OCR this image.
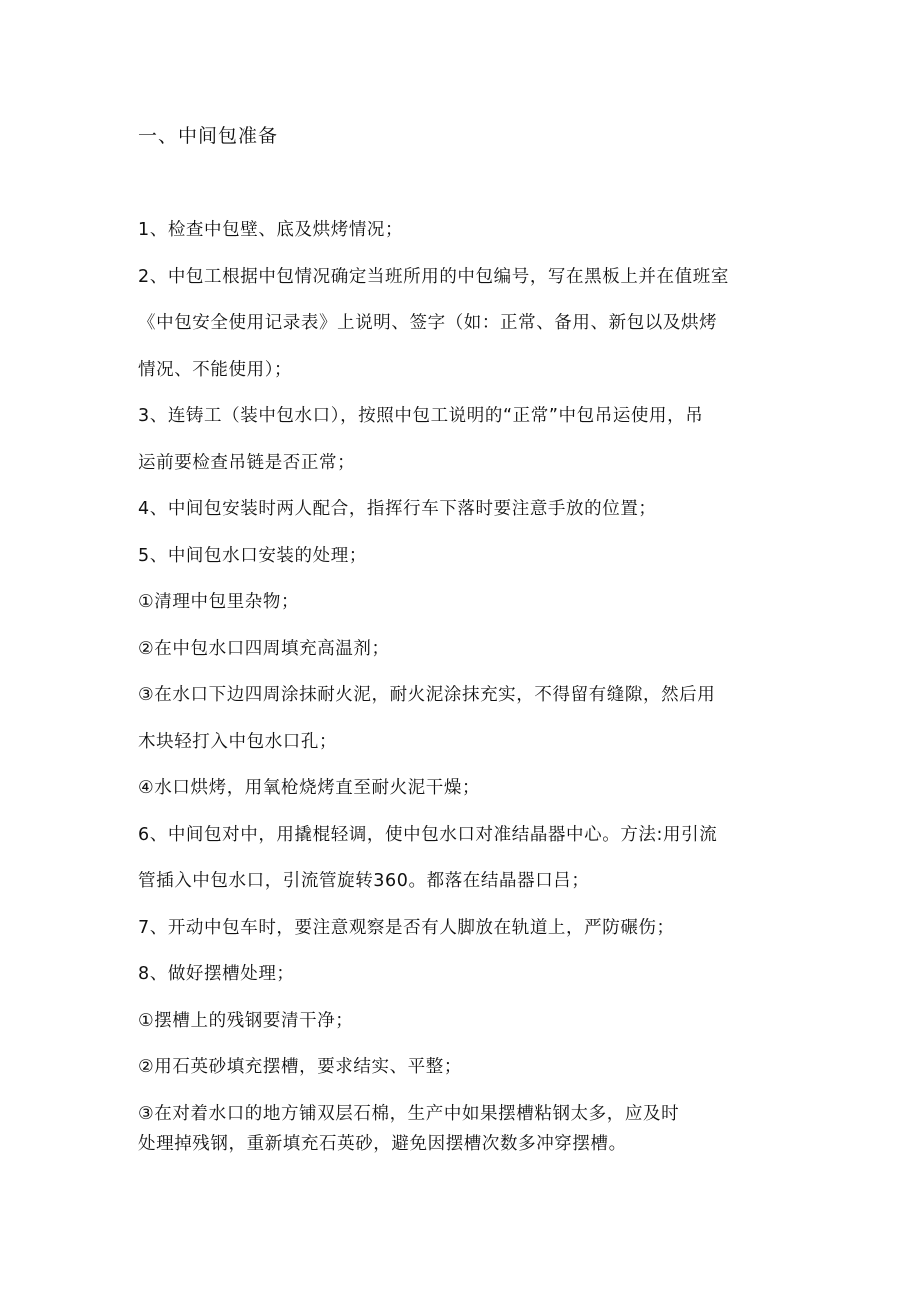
一、中间包准备
1、检查中包壁、底及烘烤情况；
2、中包工根据中包情况确定当班所用的中包编号，写在黑板上并在值班室
《中包安全使用记录表》上说明、签字（如：正常、备用、新包以及烘烤
情况、不能使用）；
3、连铸工（装中包水口），按照中包工说明的“正常”中包吊运使用，吊
运前要检查吊链是否正常；
4、中间包安装时两人配合，指挥行车下落时要注意手放的位置；
5、中间包水口安装的处理；
①清理中包里杂物；
②在中包水口四周填充高温剂；
③在水口下边四周涂抹耐火泥，耐火泥涂抹充实，不得留有缝隙，然后用
木块轻打入中包水口孔；
④水口烘烤，用氧枪烧烤直至耐火泥干燥；
6、中间包对中，用撬棍轻调，使中包水口对准结晶器中心。方法:用引流
管插入中包水口，引流管旋转360。都落在结晶器口吕；
7、开动中包车时，要注意观察是否有人脚放在轨道上，严防碾伤；
8、做好摆槽处理；
①摆槽上的残钢要清干净；
②用石英砂填充摆槽，要求结实、平整；
③在对着水口的地方铺双层石棉，生产中如果摆槽粘钢太多，应及时
处理掉残钢，重新填充石英砂，避免因摆槽次数多冲穿摆槽。
